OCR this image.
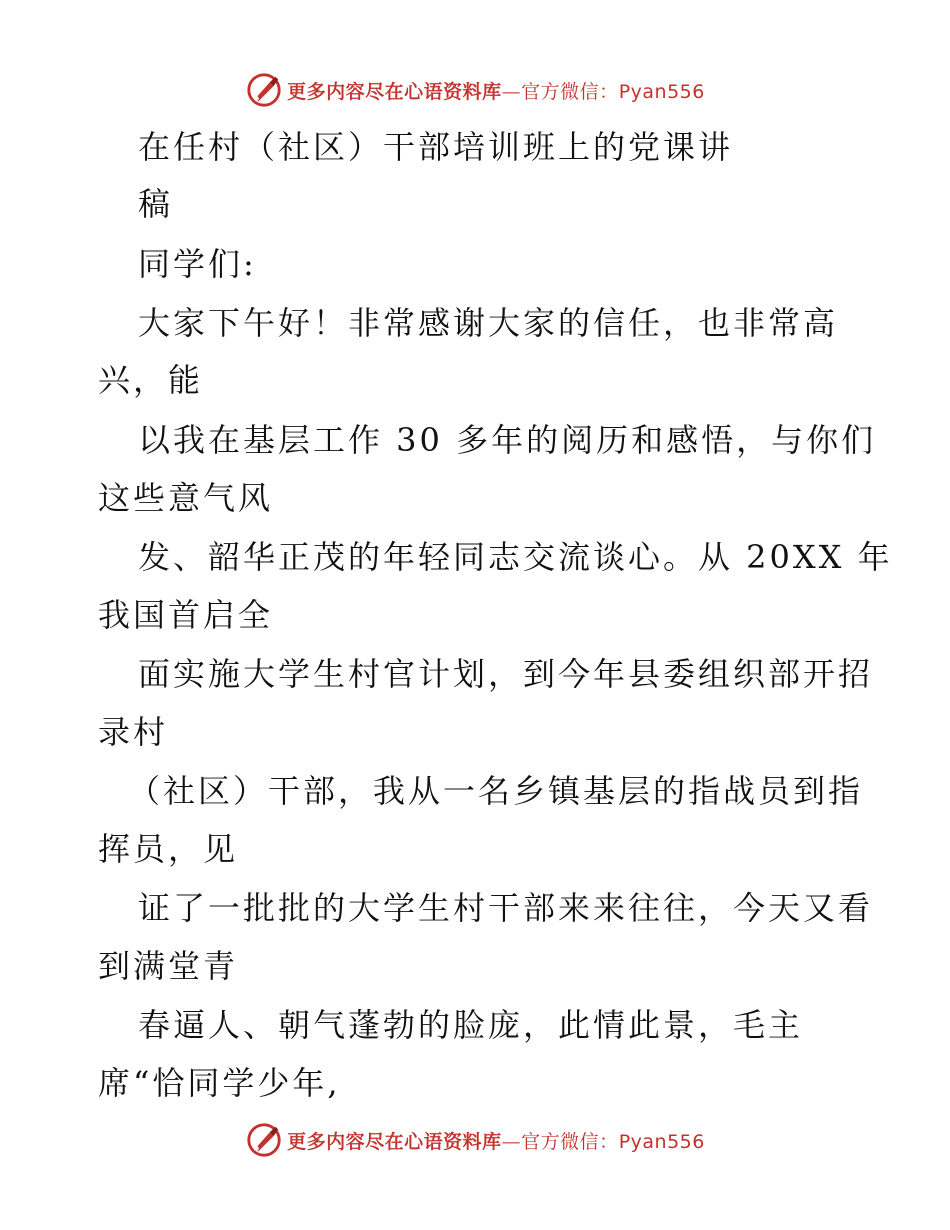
更多内容尽在心语资料库—官方微信：Pyan556
在任村（社区）干部培训班上的党课讲
稿
同学们:
大家下午好！非常感谢大家的信任，也非常高
兴，能
以我在基层工作 30 多年的阅历和感悟，与你们
这些意气风
发、韶华正茂的年轻同志交流谈心。从 20XX 年
我国首启全
面实施大学生村官计划，到今年县委组织部开招
录村
（社区）干部，我从一名乡镇基层的指战员到指
挥员，见
证了一批批的大学生村干部来来往往，今天又看
到满堂青
春逼人、朝气蓬勃的脸庞，此情此景，毛主
席“恰同学少年,
更多内容尽在心语资料库—官方微信：Pyan556
